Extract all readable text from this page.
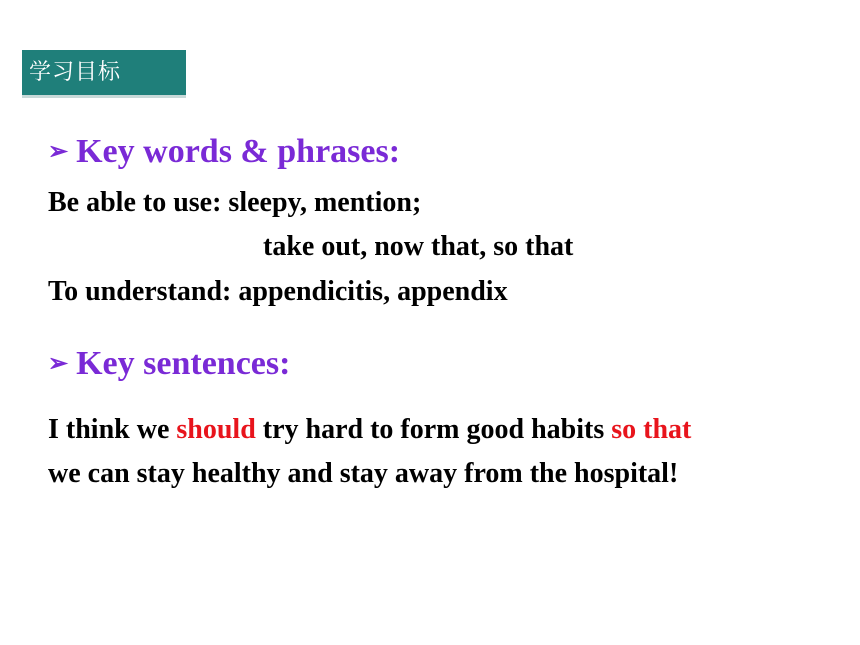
学习目标
➢ Key words & phrases:
Be able to use: sleepy, mention;
take out, now that, so that
To understand: appendicitis, appendix
➢ Key sentences:
I think we should try hard to form good habits so that
we can stay healthy and stay away from the hospital!
